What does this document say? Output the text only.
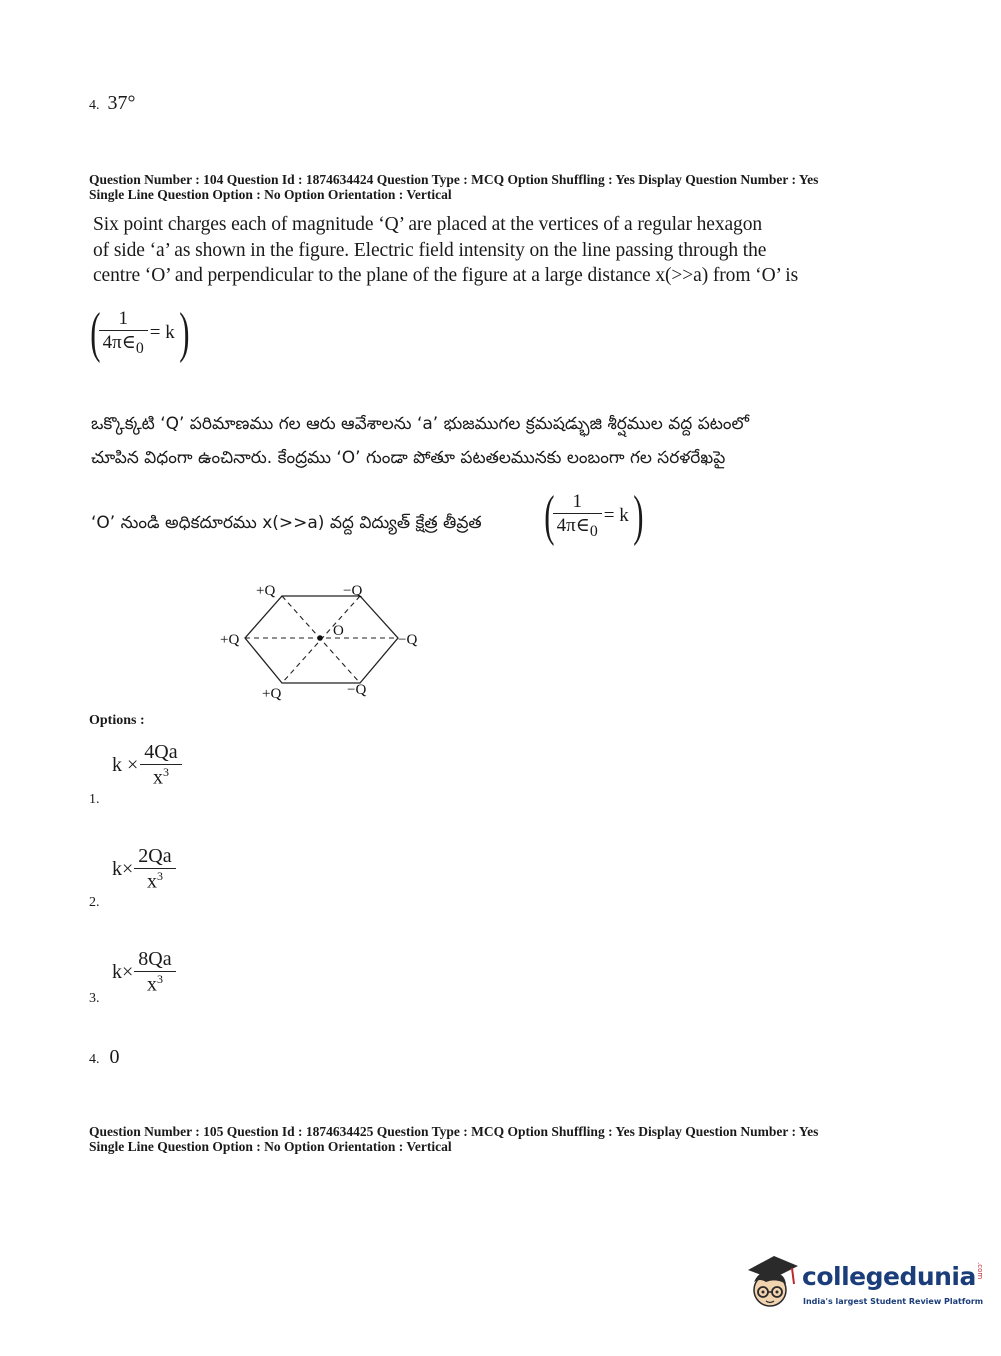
4. 37°
Question Number : 104 Question Id : 1874634424 Question Type : MCQ Option Shuffling : Yes Display Question Number : Yes
Single Line Question Option : No Option Orientation : Vertical
Six point charges each of magnitude ‘Q’ are placed at the vertices of a regular hexagon
of side ‘a’ as shown in the figure. Electric field intensity on the line passing through the
centre ‘O’ and perpendicular to the plane of the figure at a large distance x(>>a) from ‘O’ is
(
$\frac{1}{4\pi\in_0} = k$ )
ఒక్కొక్కటి ‘Q’ పరిమాణము గల ఆరు ఆవేశాలను ‘a’ భుజముగల క్రమషడ్భుజి శీర్షముల వద్ద పటంలో
చూపిన విధంగా ఉంచినారు. కేంద్రము ‘O’ గుండా పోతూ పటతలమునకు లంబంగా గల సరళరేఖపై
‘O’ నుండి అధికదూరము x(>>a) వద్ద విద్యుత్ క్షేత్ర తీవ్రత (
$\frac{1}{4\pi\in_0} = k$ )
+Q	−Q
+Q	−Q
+Q	−Q
O
Options :
$k \times \frac{4Qa}{x^3}$
1.
$k\times \frac{2Qa}{x^3}$
2.
$k\times \frac{8Qa}{x^3}$
3.
4. 0
Question Number : 105 Question Id : 1874634425 Question Type : MCQ Option Shuffling : Yes Display Question Number : Yes
Single Line Question Option : No Option Orientation : Vertical
collegedunia.com
India's largest Student Review Platform
